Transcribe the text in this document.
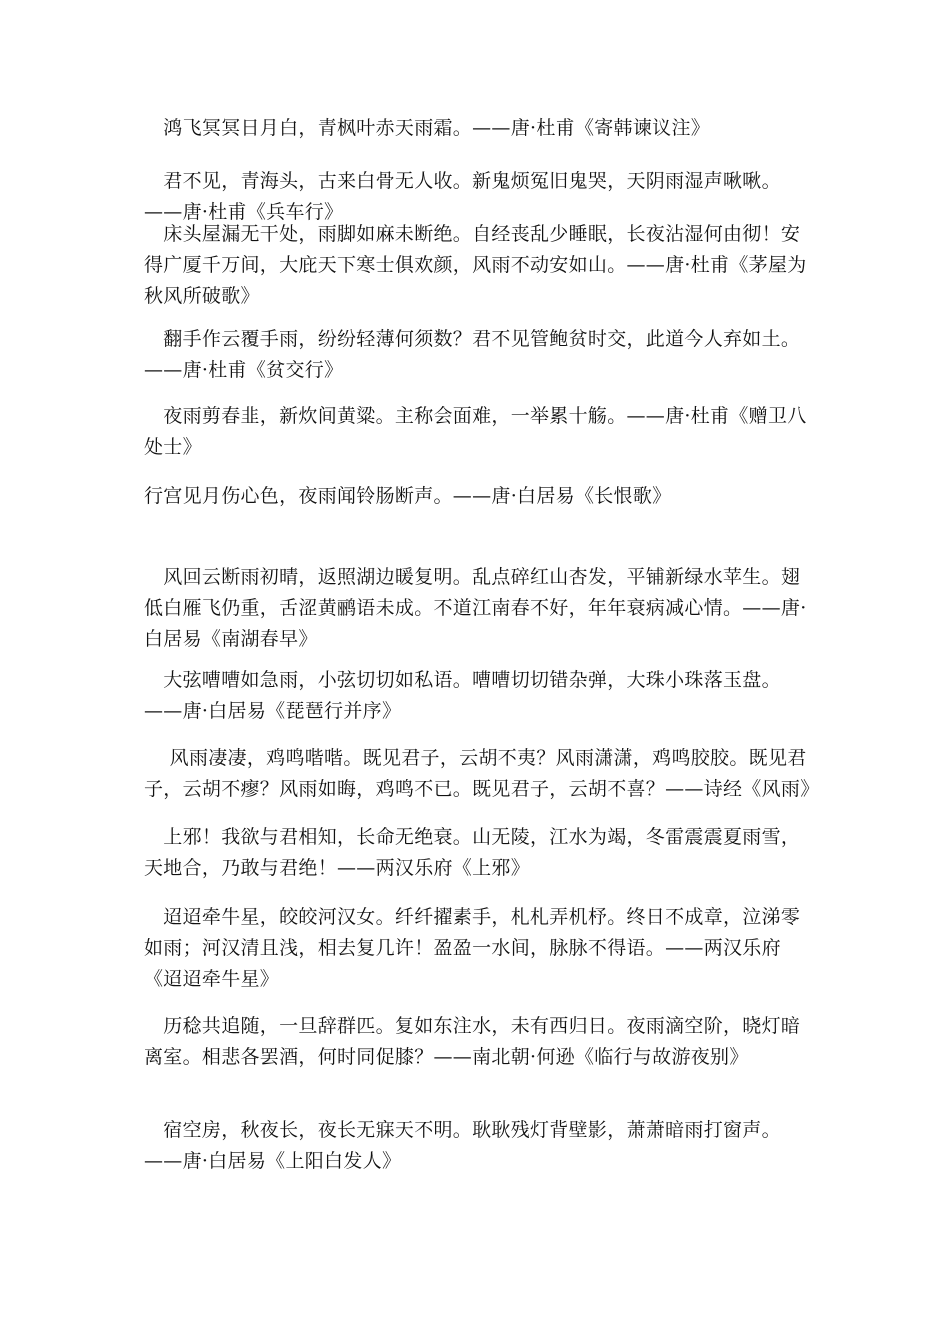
　鸿飞冥冥日月白，青枫叶赤天雨霜。——唐·杜甫《寄韩谏议注》

　君不见，青海头，古来白骨无人收。新鬼烦冤旧鬼哭，天阴雨湿声啾啾。——唐·杜甫《兵车行》

　床头屋漏无干处，雨脚如麻未断绝。自经丧乱少睡眠，长夜沾湿何由彻！安得广厦千万间，大庇天下寒士俱欢颜，风雨不动安如山。——唐·杜甫《茅屋为秋风所破歌》

　翻手作云覆手雨，纷纷轻薄何须数？君不见管鲍贫时交，此道今人弃如土。——唐·杜甫《贫交行》

　夜雨剪春韭，新炊间黄粱。主称会面难，一举累十觞。——唐·杜甫《赠卫八处士》

行宫见月伤心色，夜雨闻铃肠断声。——唐·白居易《长恨歌》

　风回云断雨初晴，返照湖边暖复明。乱点碎红山杏发，平铺新绿水苹生。翅低白雁飞仍重，舌涩黄鹂语未成。不道江南春不好，年年衰病减心情。——唐·白居易《南湖春早》

　大弦嘈嘈如急雨，小弦切切如私语。嘈嘈切切错杂弹，大珠小珠落玉盘。——唐·白居易《琵琶行并序》

　 风雨凄凄，鸡鸣喈喈。既见君子，云胡不夷？风雨潇潇，鸡鸣胶胶。既见君子，云胡不瘳？风雨如晦，鸡鸣不已。既见君子，云胡不喜？——诗经《风雨》

　上邪！我欲与君相知，长命无绝衰。山无陵，江水为竭，冬雷震震夏雨雪，天地合，乃敢与君绝！——两汉乐府《上邪》

　迢迢牵牛星，皎皎河汉女。纤纤擢素手，札札弄机杼。终日不成章，泣涕零如雨；河汉清且浅，相去复几许！盈盈一水间，脉脉不得语。——两汉乐府《迢迢牵牛星》

　历稔共追随，一旦辞群匹。复如东注水，未有西归日。夜雨滴空阶，晓灯暗离室。相悲各罢酒，何时同促膝？——南北朝·何逊《临行与故游夜别》

　宿空房，秋夜长，夜长无寐天不明。耿耿残灯背壁影，萧萧暗雨打窗声。——唐·白居易《上阳白发人》
